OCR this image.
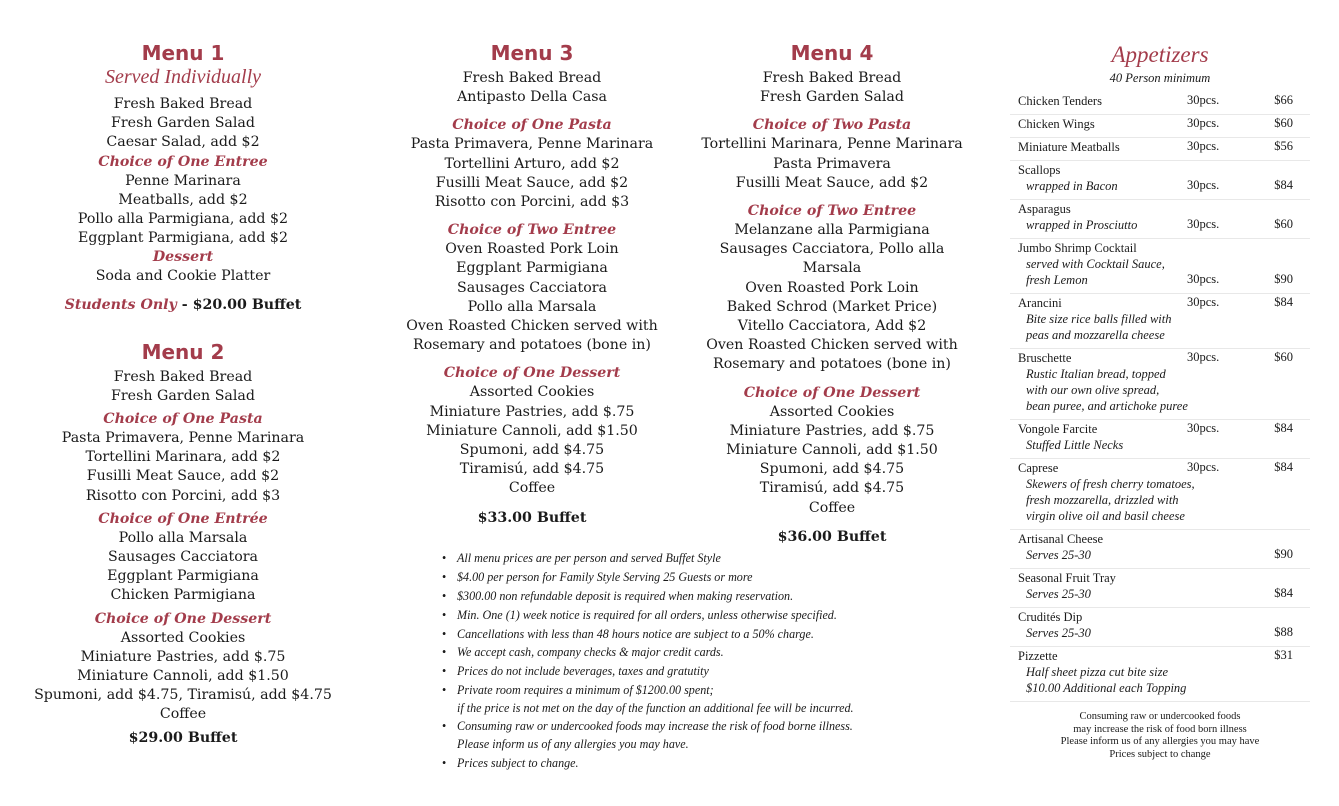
Menu 1
Served Individually
Fresh Baked Bread
Fresh Garden Salad
Caesar Salad, add $2
Choice of One Entree
Penne Marinara
Meatballs, add $2
Pollo alla Parmigiana, add $2
Eggplant Parmigiana, add $2
Dessert
Soda and Cookie Platter
Students Only - $20.00 Buffet
Menu 2
Fresh Baked Bread
Fresh Garden Salad
Choice of One Pasta
Pasta Primavera, Penne Marinara
Tortellini Marinara, add $2
Fusilli Meat Sauce, add $2
Risotto con Porcini, add $3
Choice of One Entrée
Pollo alla Marsala
Sausages Cacciatora
Eggplant Parmigiana
Chicken Parmigiana
Choice of One Dessert
Assorted Cookies
Miniature Pastries, add $.75
Miniature Cannoli, add $1.50
Spumoni, add $4.75, Tiramisú, add $4.75
Coffee
$29.00 Buffet
Menu 3
Fresh Baked Bread
Antipasto Della Casa
Choice of One Pasta
Pasta Primavera, Penne Marinara
Tortellini Arturo, add $2
Fusilli Meat Sauce, add $2
Risotto con Porcini, add $3
Choice of Two Entree
Oven Roasted Pork Loin
Eggplant Parmigiana
Sausages Cacciatora
Pollo alla Marsala
Oven Roasted Chicken served with
Rosemary and potatoes (bone in)
Choice of One Dessert
Assorted Cookies
Miniature Pastries, add $.75
Miniature Cannoli, add $1.50
Spumoni, add $4.75
Tiramisú, add $4.75
Coffee
$33.00 Buffet
Menu 4
Fresh Baked Bread
Fresh Garden Salad
Choice of Two Pasta
Tortellini Marinara, Penne Marinara
Pasta Primavera
Fusilli Meat Sauce, add $2
Choice of Two Entree
Melanzane alla Parmigiana
Sausages Cacciatora, Pollo alla Marsala
Oven Roasted Pork Loin
Baked Schrod (Market Price)
Vitello Cacciatora, Add $2
Oven Roasted Chicken served with
Rosemary and potatoes (bone in)
Choice of One Dessert
Assorted Cookies
Miniature Pastries, add $.75
Miniature Cannoli, add $1.50
Spumoni, add $4.75
Tiramisú, add $4.75
Coffee
$36.00 Buffet
• All menu prices are per person and served Buffet Style
• $4.00 per person for Family Style Serving 25 Guests or more
• $300.00 non refundable deposit is required when making reservation.
• Min. One (1) week notice is required for all orders, unless otherwise specified.
• Cancellations with less than 48 hours notice are subject to a 50% charge.
• We accept cash, company checks & major credit cards.
• Prices do not include beverages, taxes and gratutity
• Private room requires a minimum of $1200.00 spent;
if the price is not met on the day of the function an additional fee will be incurred.
• Consuming raw or undercooked foods may increase the risk of food borne illness.
Please inform us of any allergies you may have.
• Prices subject to change.
Appetizers
40 Person minimum
Chicken Tenders	30pcs.	$66
Chicken Wings	30pcs.	$60
Miniature Meatballs	30pcs.	$56
Scallops
wrapped in Bacon	30pcs.	$84
Asparagus
wrapped in Prosciutto	30pcs.	$60
Jumbo Shrimp Cocktail
served with Cocktail Sauce,
fresh Lemon	30pcs.	$90
Arancini
Bite size rice balls filled with
peas and mozzarella cheese
30pcs.	$84
Bruschette
Rustic Italian bread, topped
with our own olive spread,
bean puree, and artichoke puree
30pcs.	$60
Vongole Farcite
Stuffed Little Necks
30pcs.	$84
Caprese
Skewers of fresh cherry tomatoes,
fresh mozzarella, drizzled with
virgin olive oil and basil cheese
30pcs.	$84
Artisanal Cheese
Serves 25-30	$90
Seasonal Fruit Tray
Serves 25-30	$84
Crudités Dip
Serves 25-30	$88
Pizzette
Half sheet pizza cut bite size
$10.00 Additional each Topping
$31
Consuming raw or undercooked foods
may increase the risk of food born illness
Please inform us of any allergies you may have
Prices subject to change
